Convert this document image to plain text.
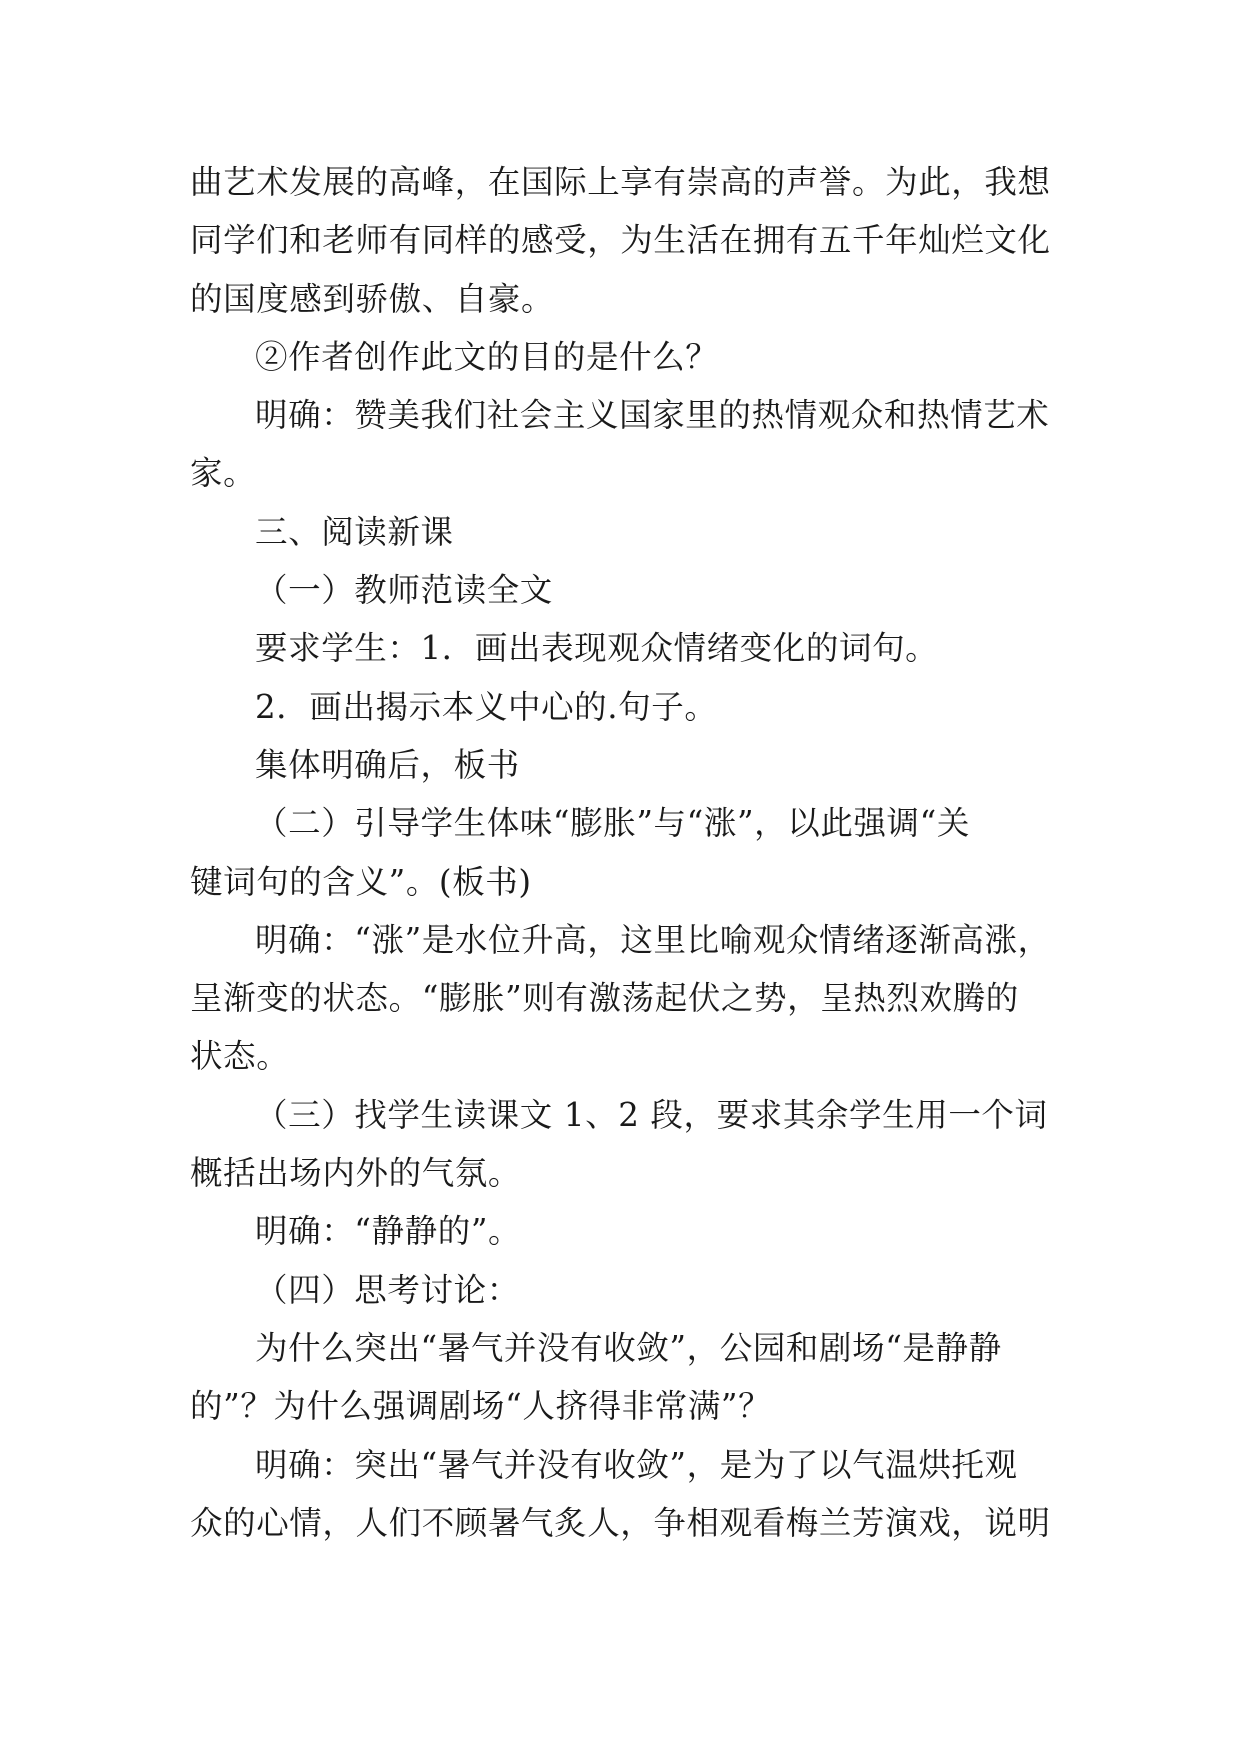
曲艺术发展的高峰，在国际上享有崇高的声誉。为此，我想
同学们和老师有同样的感受，为生活在拥有五千年灿烂文化
的国度感到骄傲、自豪。
②作者创作此文的目的是什么？
明确：赞美我们社会主义国家里的热情观众和热情艺术
家。
三、阅读新课
（一）教师范读全文
要求学生：1．画出表现观众情绪变化的词句。
2．画出揭示本义中心的.句子。
集体明确后，板书
（二）引导学生体味“膨胀”与“涨”，以此强调“关
键词句的含义”。(板书)
明确：“涨”是水位升高，这里比喻观众情绪逐渐高涨，
呈渐变的状态。“膨胀”则有激荡起伏之势，呈热烈欢腾的
状态。
（三）找学生读课文 1、2 段，要求其余学生用一个词
概括出场内外的气氛。
明确：“静静的”。
（四）思考讨论：
为什么突出“暑气并没有收敛”，公园和剧场“是静静
的”？为什么强调剧场“人挤得非常满”？
明确：突出“暑气并没有收敛”，是为了以气温烘托观
众的心情，人们不顾暑气炙人，争相观看梅兰芳演戏，说明
